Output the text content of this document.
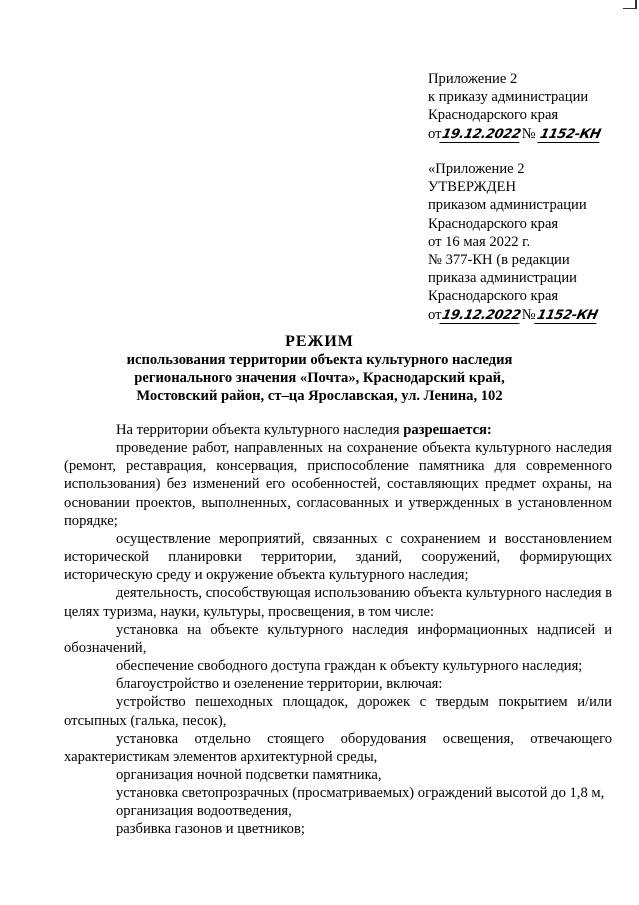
Приложение 2
к приказу администрации
Краснодарского края
от19.12.2022№ 1152-КН
«Приложение 2
УТВЕРЖДЕН
приказом администрации
Краснодарского края
от 16 мая 2022 г.
№ 377-КН (в редакции
приказа администрации
Краснодарского края
от19.12.2022№1152-КН
РЕЖИМ
использования территории объекта культурного наследия
регионального значения «Почта», Краснодарский край,
Мостовский район, ст–ца Ярославская, ул. Ленина, 102
На территории объекта культурного наследия разрешается:
проведение работ, направленных на сохранение объекта культурного наследия (ремонт, реставрация, консервация, приспособление памятника для современного использования) без изменений его особенностей, составляющих предмет охраны, на основании проектов, выполненных, согласованных и утвержденных в установленном порядке;
осуществление мероприятий, связанных с сохранением и восстановлением исторической планировки территории, зданий, сооружений, формирующих историческую среду и окружение объекта культурного наследия;
деятельность, способствующая использованию объекта культурного наследия в целях туризма, науки, культуры, просвещения, в том числе:
установка на объекте культурного наследия информационных надписей и обозначений,
обеспечение свободного доступа граждан к объекту культурного наследия;
благоустройство и озеленение территории, включая:
устройство пешеходных площадок, дорожек с твердым покрытием и/или отсыпных (галька, песок),
установка отдельно стоящего оборудования освещения, отвечающего характеристикам элементов архитектурной среды,
организация ночной подсветки памятника,
установка светопрозрачных (просматриваемых) ограждений высотой до 1,8 м,
организация водоотведения,
разбивка газонов и цветников;
